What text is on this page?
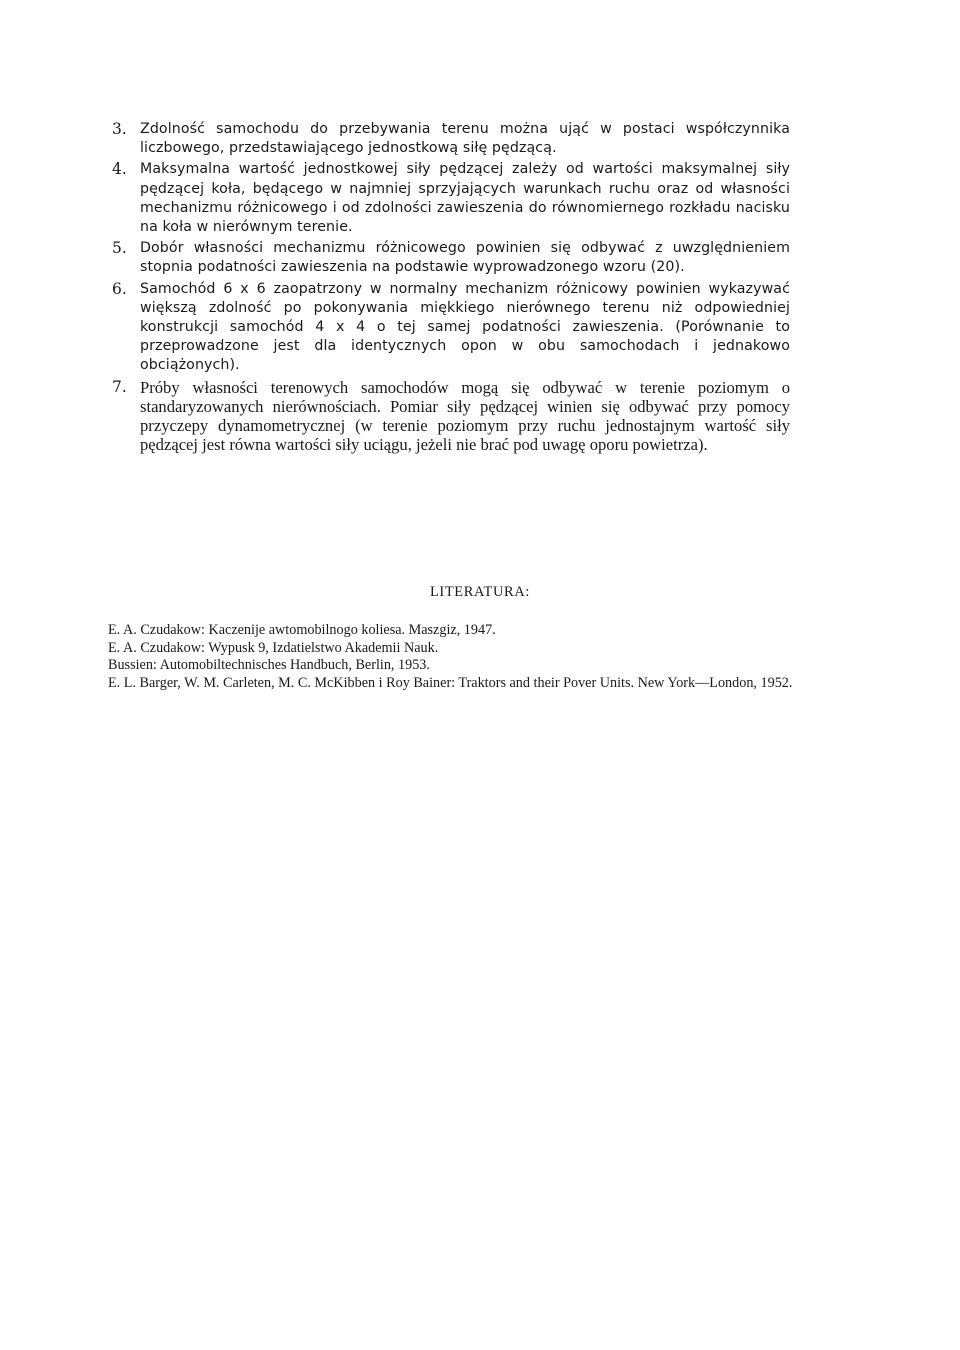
3. Zdolność samochodu do przebywania terenu można ująć w postaci współczynnika liczbowego, przedstawiającego jednostkową siłę pędzącą.
4. Maksymalna wartość jednostkowej siły pędzącej zależy od wartości maksymalnej siły pędzącej koła, będącego w najmniej sprzyjających warunkach ruchu oraz od własności mechanizmu różnicowego i od zdolności zawieszenia do równomiernego rozkładu nacisku na koła w nierównym terenie.
5. Dobór własności mechanizmu różnicowego powinien się odbywać z uwzględnieniem stopnia podatności zawieszenia na podstawie wyprowadzonego wzoru (20).
6. Samochód 6 x 6 zaopatrzony w normalny mechanizm różnicowy powinien wykazywać większą zdolność po pokonywania miękkiego nierównego terenu niż odpowiedniej konstrukcji samochód 4 x 4 o tej samej podatności zawieszenia. (Porównanie to przeprowadzone jest dla identycznych opon w obu samochodach i jednakowo obciążonych).
7. Próby własności terenowych samochodów mogą się odbywać w terenie poziomym o standaryzowanych nierównościach. Pomiar siły pędzącej winien się odbywać przy pomocy przyczepy dynamometrycznej (w terenie poziomym przy ruchu jednostajnym wartość siły pędzącej jest równa wartości siły uciągu, jeżeli nie brać pod uwagę oporu powietrza).
LITERATURA:
E. A. Czudakow: Kaczenije awtomobilnogo koliesa. Maszgiz, 1947.
E. A. Czudakow: Wypusk 9, Izdatielstwo Akademii Nauk.
Bussien: Automobiltechnisches Handbuch, Berlin, 1953.
E. L. Barger, W. M. Carleten, M. C. McKibben i Roy Bainer: Traktors and their Pover Units. New York—London, 1952.
